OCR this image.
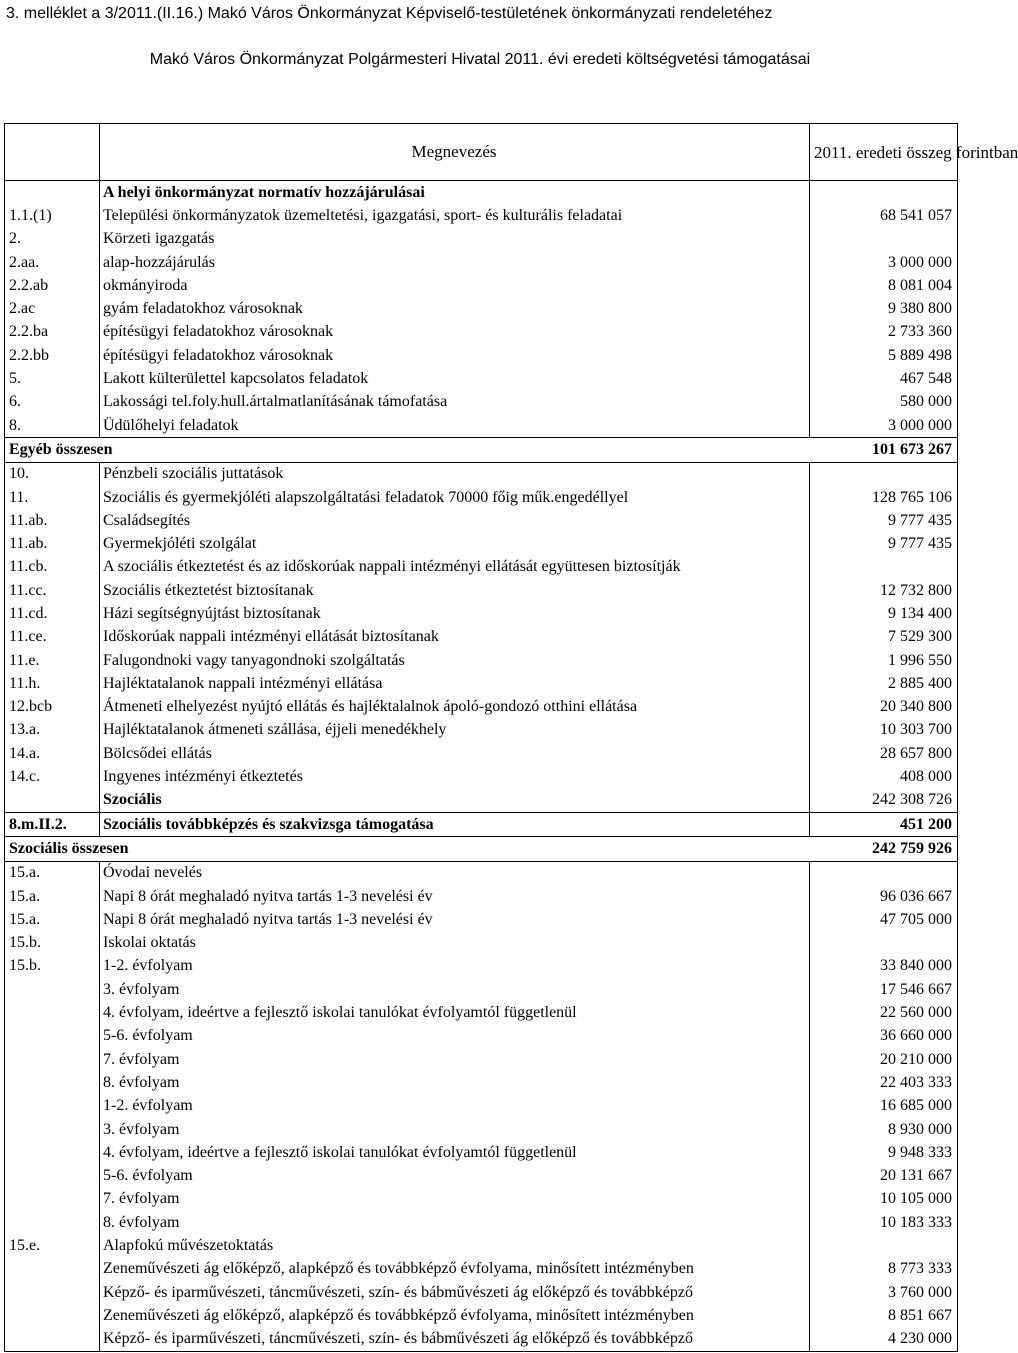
3. melléklet a 3/2011.(II.16.) Makó Város Önkormányzat Képviselő-testületének önkormányzati rendeletéhez
Makó Város Önkormányzat Polgármesteri Hivatal 2011. évi eredeti költségvetési támogatásai
	Megnevezés	2011. eredeti összeg forintban
	A helyi önkormányzat normatív hozzájárulásai	
1.1.(1)	Települési önkormányzatok üzemeltetési, igazgatási, sport- és kulturális feladatai	68 541 057
2.	Körzeti igazgatás	
2.aa.	alap-hozzájárulás	3 000 000
2.2.ab	okmányiroda	8 081 004
2.ac	gyám feladatokhoz városoknak	9 380 800
2.2.ba	építésügyi feladatokhoz városoknak	2 733 360
2.2.bb	építésügyi feladatokhoz városoknak	5 889 498
5.	Lakott külterülettel kapcsolatos feladatok	467 548
6.	Lakossági tel.foly.hull.ártalmatlanításának támofatása	580 000
8.	Üdülőhelyi feladatok	3 000 000
Egyéb összesen		101 673 267
10.	Pénzbeli szociális juttatások	
11.	Szociális és gyermekjóléti alapszolgáltatási feladatok 70000 főig műk.engedéllyel	128 765 106
11.ab.	Családsegítés	9 777 435
11.ab.	Gyermekjóléti szolgálat	9 777 435
11.cb.	A szociális étkeztetést és az időskorúak nappali intézményi ellátását együttesen biztosítják	
11.cc.	Szociális étkeztetést biztosítanak	12 732 800
11.cd.	Házi segítségnyújtást biztosítanak	9 134 400
11.ce.	Időskorúak nappali intézményi ellátását biztosítanak	7 529 300
11.e.	Falugondnoki vagy tanyagondnoki szolgáltatás	1 996 550
11.h.	Hajléktatalanok nappali intézményi ellátása	2 885 400
12.bcb	Átmeneti elhelyezést nyújtó ellátás és hajléktalalnok ápoló-gondozó otthini ellátása	20 340 800
13.a.	Hajléktatalanok átmeneti szállása, éjjeli menedékhely	10 303 700
14.a.	Bölcsődei ellátás	28 657 800
14.c.	Ingyenes intézményi étkeztetés	408 000
	Szociális	242 308 726
8.m.II.2.	Szociális továbbképzés és szakvizsga támogatása	451 200
Szociális összesen		242 759 926
15.a.	Óvodai nevelés	
15.a.	Napi 8 órát meghaladó nyitva tartás 1-3 nevelési év	96 036 667
15.a.	Napi 8 órát meghaladó nyitva tartás 1-3 nevelési év	47 705 000
15.b.	Iskolai oktatás	
15.b.	1-2. évfolyam	33 840 000
	3. évfolyam	17 546 667
	4. évfolyam, ideértve a fejlesztő iskolai tanulókat évfolyamtól függetlenül	22 560 000
	5-6. évfolyam	36 660 000
	7. évfolyam	20 210 000
	8. évfolyam	22 403 333
	1-2. évfolyam	16 685 000
	3. évfolyam	8 930 000
	4. évfolyam, ideértve a fejlesztő iskolai tanulókat évfolyamtól függetlenül	9 948 333
	5-6. évfolyam	20 131 667
	7. évfolyam	10 105 000
	8. évfolyam	10 183 333
15.e.	Alapfokú művészetoktatás	
	Zeneművészeti ág előképző, alapképző és továbbképző évfolyama, minősített intézményben	8 773 333
	Képző- és iparművészeti, táncművészeti, szín- és bábművészeti ág előképző és továbbképző	3 760 000
	Zeneművészeti ág előképző, alapképző és továbbképző évfolyama, minősített intézményben	8 851 667
	Képző- és iparművészeti, táncművészeti, szín- és bábművészeti ág előképző és továbbképző	4 230 000
